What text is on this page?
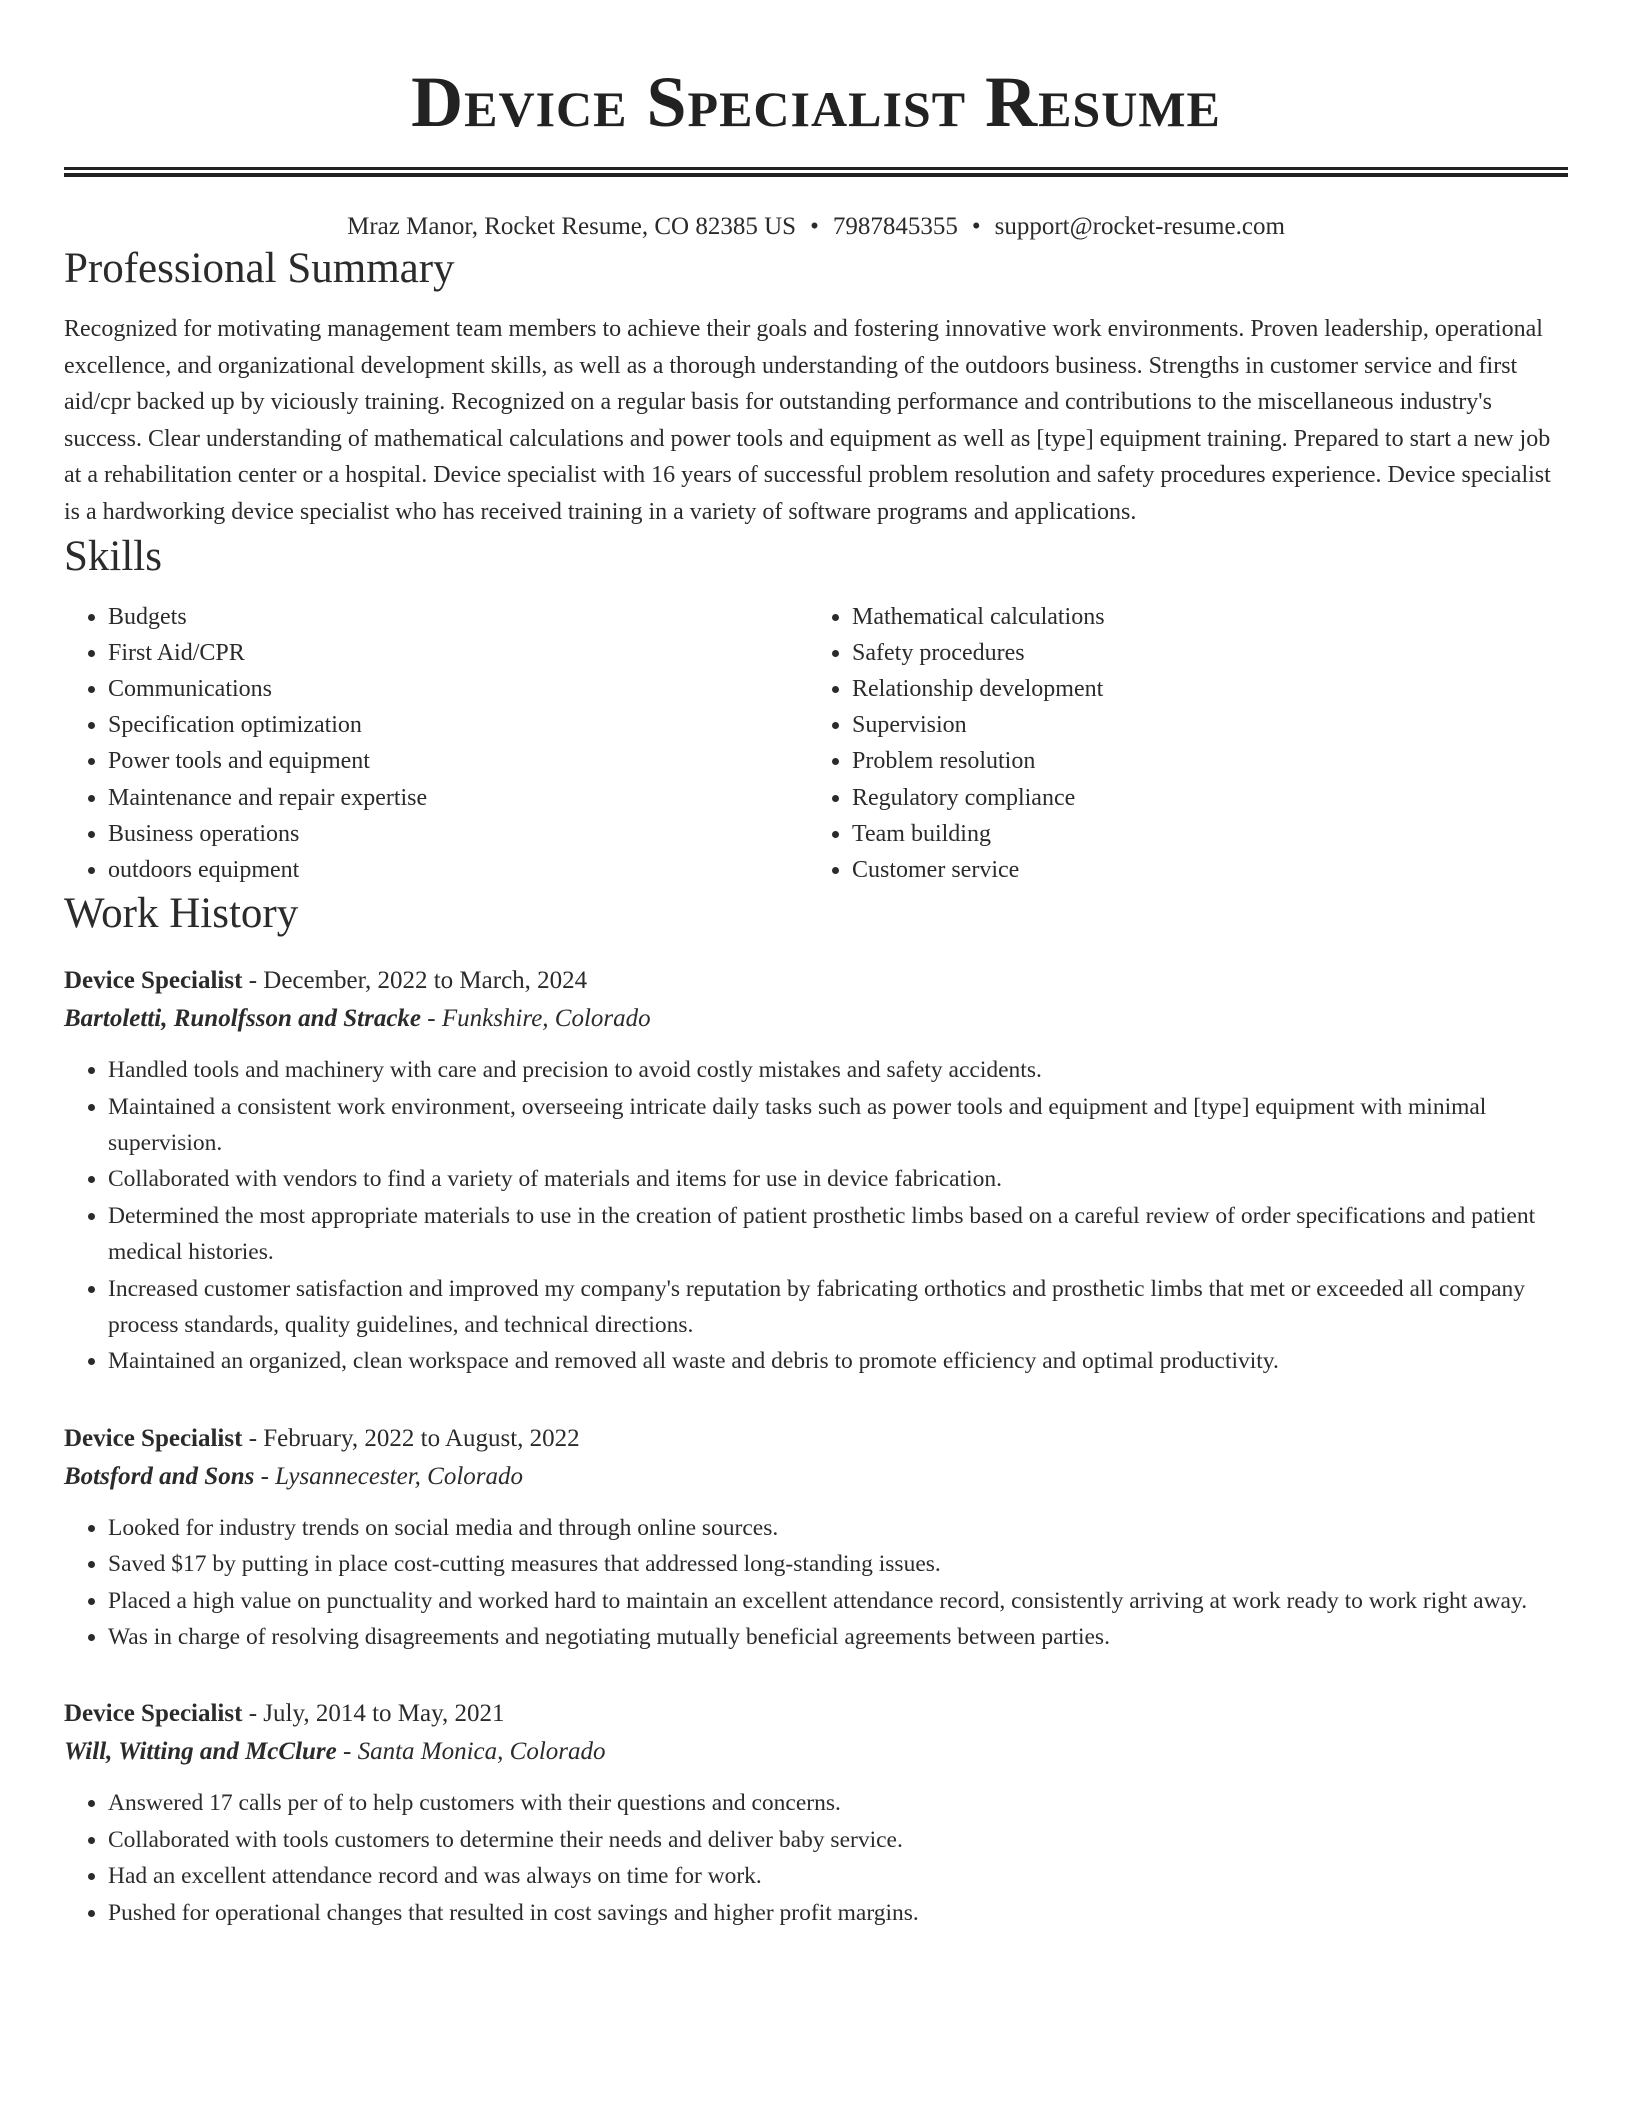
Device Specialist Resume
Mraz Manor, Rocket Resume, CO 82385 US • 7987845355 • support@rocket-resume.com
Professional Summary

Recognized for motivating management team members to achieve their goals and fostering innovative work environments. Proven leadership, operational excellence, and organizational development skills, as well as a thorough understanding of the outdoors business. Strengths in customer service and first aid/cpr backed up by viciously training. Recognized on a regular basis for outstanding performance and contributions to the miscellaneous industry's success. Clear understanding of mathematical calculations and power tools and equipment as well as [type] equipment training. Prepared to start a new job at a rehabilitation center or a hospital. Device specialist with 16 years of successful problem resolution and safety procedures experience. Device specialist is a hardworking device specialist who has received training in a variety of software programs and applications.

Skills
• Budgets
• First Aid/CPR
• Communications
• Specification optimization
• Power tools and equipment
• Maintenance and repair expertise
• Business operations
• outdoors equipment
• Mathematical calculations
• Safety procedures
• Relationship development
• Supervision
• Problem resolution
• Regulatory compliance
• Team building
• Customer service
Work History
Device Specialist - December, 2022 to March, 2024
Bartoletti, Runolfsson and Stracke - Funkshire, Colorado
• Handled tools and machinery with care and precision to avoid costly mistakes and safety accidents.
• Maintained a consistent work environment, overseeing intricate daily tasks such as power tools and equipment and [type] equipment with minimal supervision.
• Collaborated with vendors to find a variety of materials and items for use in device fabrication.
• Determined the most appropriate materials to use in the creation of patient prosthetic limbs based on a careful review of order specifications and patient medical histories.
• Increased customer satisfaction and improved my company's reputation by fabricating orthotics and prosthetic limbs that met or exceeded all company process standards, quality guidelines, and technical directions.
• Maintained an organized, clean workspace and removed all waste and debris to promote efficiency and optimal productivity.
Device Specialist - February, 2022 to August, 2022
Botsford and Sons - Lysannecester, Colorado
• Looked for industry trends on social media and through online sources.
• Saved $17 by putting in place cost-cutting measures that addressed long-standing issues.
• Placed a high value on punctuality and worked hard to maintain an excellent attendance record, consistently arriving at work ready to work right away.
• Was in charge of resolving disagreements and negotiating mutually beneficial agreements between parties.
Device Specialist - July, 2014 to May, 2021
Will, Witting and McClure - Santa Monica, Colorado
• Answered 17 calls per of to help customers with their questions and concerns.
• Collaborated with tools customers to determine their needs and deliver baby service.
• Had an excellent attendance record and was always on time for work.
• Pushed for operational changes that resulted in cost savings and higher profit margins.
